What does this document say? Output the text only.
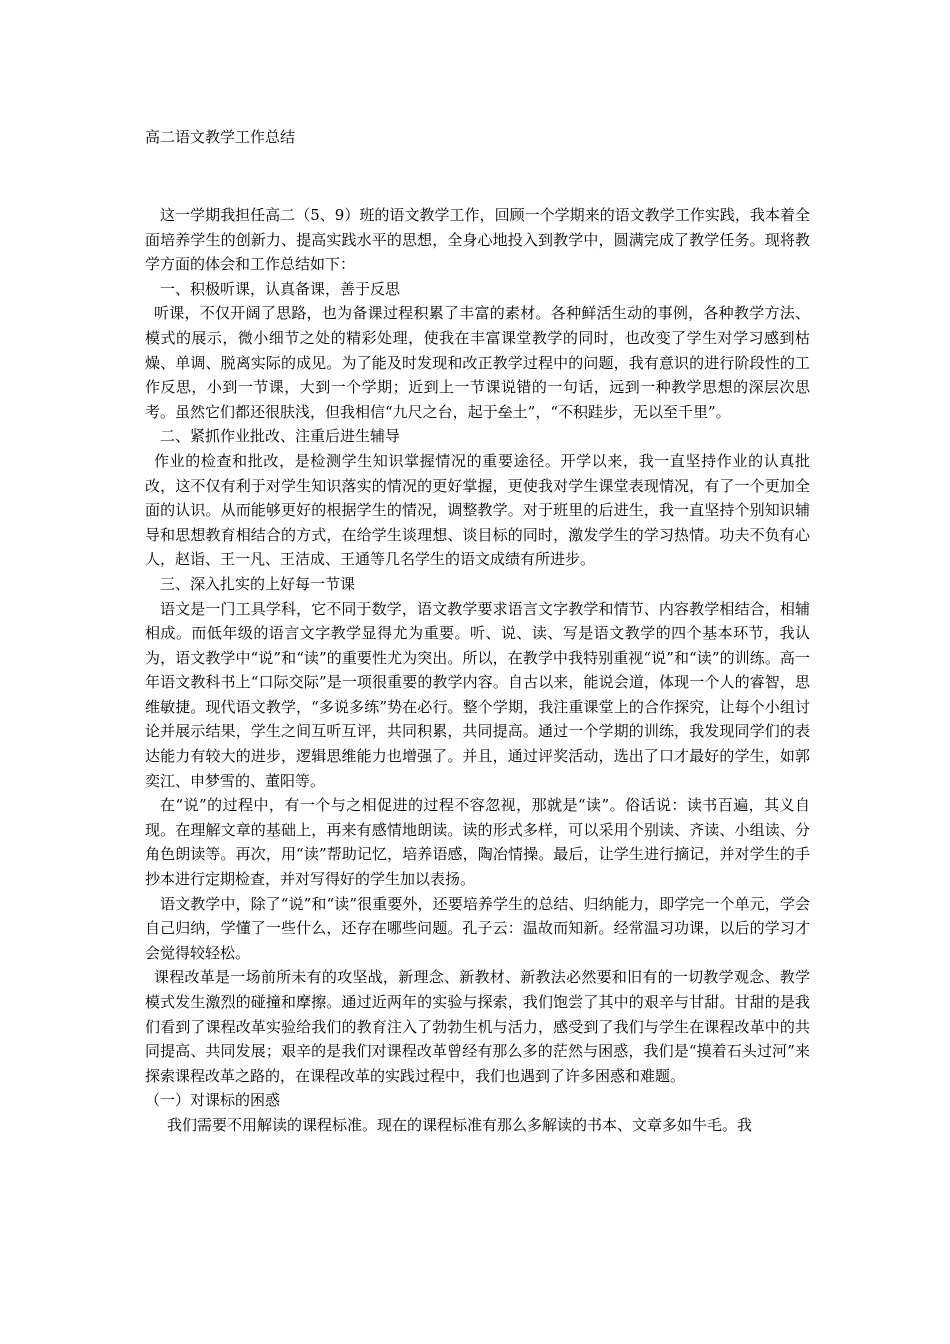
高二语文教学工作总结

这一学期我担任高二（5、9）班的语文教学工作，回顾一个学期来的语文教学工作实践，我本着全面培养学生的创新力、提高实践水平的思想，全身心地投入到教学中，圆满完成了教学任务。现将教学方面的体会和工作总结如下：

一、积极听课，认真备课，善于反思

听课，不仅开阔了思路，也为备课过程积累了丰富的素材。各种鲜活生动的事例，各种教学方法、模式的展示，微小细节之处的精彩处理，使我在丰富课堂教学的同时，也改变了学生对学习感到枯燥、单调、脱离实际的成见。为了能及时发现和改正教学过程中的问题，我有意识的进行阶段性的工作反思，小到一节课，大到一个学期；近到上一节课说错的一句话，远到一种教学思想的深层次思考。虽然它们都还很肤浅，但我相信“九尺之台，起于垒土”，“不积跬步，无以至千里”。

二、紧抓作业批改、注重后进生辅导

作业的检查和批改，是检测学生知识掌握情况的重要途径。开学以来，我一直坚持作业的认真批改，这不仅有利于对学生知识落实的情况的更好掌握，更使我对学生课堂表现情况，有了一个更加全面的认识。从而能够更好的根据学生的情况，调整教学。对于班里的后进生，我一直坚持个别知识辅导和思想教育相结合的方式，在给学生谈理想、谈目标的同时，激发学生的学习热情。功夫不负有心人，赵诣、王一凡、王洁成、王通等几名学生的语文成绩有所进步。

三、深入扎实的上好每一节课

语文是一门工具学科，它不同于数学，语文教学要求语言文字教学和情节、内容教学相结合，相辅相成。而低年级的语言文字教学显得尤为重要。听、说、读、写是语文教学的四个基本环节，我认为，语文教学中“说”和“读”的重要性尤为突出。所以，在教学中我特别重视“说”和“读”的训练。高一年语文教科书上“口际交际”是一项很重要的教学内容。自古以来，能说会道，体现一个人的睿智，思维敏捷。现代语文教学，“多说多练”势在必行。整个学期，我注重课堂上的合作探究，让每个小组讨论并展示结果，学生之间互听互评，共同积累，共同提高。通过一个学期的训练，我发现同学们的表达能力有较大的进步，逻辑思维能力也增强了。并且，通过评奖活动，选出了口才最好的学生，如郭奕江、申梦雪的、董阳等。

在“说”的过程中，有一个与之相促进的过程不容忽视，那就是“读”。俗话说：读书百遍，其义自现。在理解文章的基础上，再来有感情地朗读。读的形式多样，可以采用个别读、齐读、小组读、分角色朗读等。再次，用“读”帮助记忆，培养语感，陶冶情操。最后，让学生进行摘记，并对学生的手抄本进行定期检查，并对写得好的学生加以表扬。

语文教学中，除了“说”和“读”很重要外，还要培养学生的总结、归纳能力，即学完一个单元，学会自己归纳，学懂了一些什么，还存在哪些问题。孔子云：温故而知新。经常温习功课，以后的学习才会觉得较轻松。

课程改革是一场前所未有的攻坚战，新理念、新教材、新教法必然要和旧有的一切教学观念、教学模式发生激烈的碰撞和摩擦。通过近两年的实验与探索，我们饱尝了其中的艰辛与甘甜。甘甜的是我们看到了课程改革实验给我们的教育注入了勃勃生机与活力，感受到了我们与学生在课程改革中的共同提高、共同发展；艰辛的是我们对课程改革曾经有那么多的茫然与困惑，我们是“摸着石头过河”来探索课程改革之路的，在课程改革的实践过程中，我们也遇到了许多困惑和难题。

（一）对课标的困惑

我们需要不用解读的课程标准。现在的课程标准有那么多解读的书本、文章多如牛毛。我
